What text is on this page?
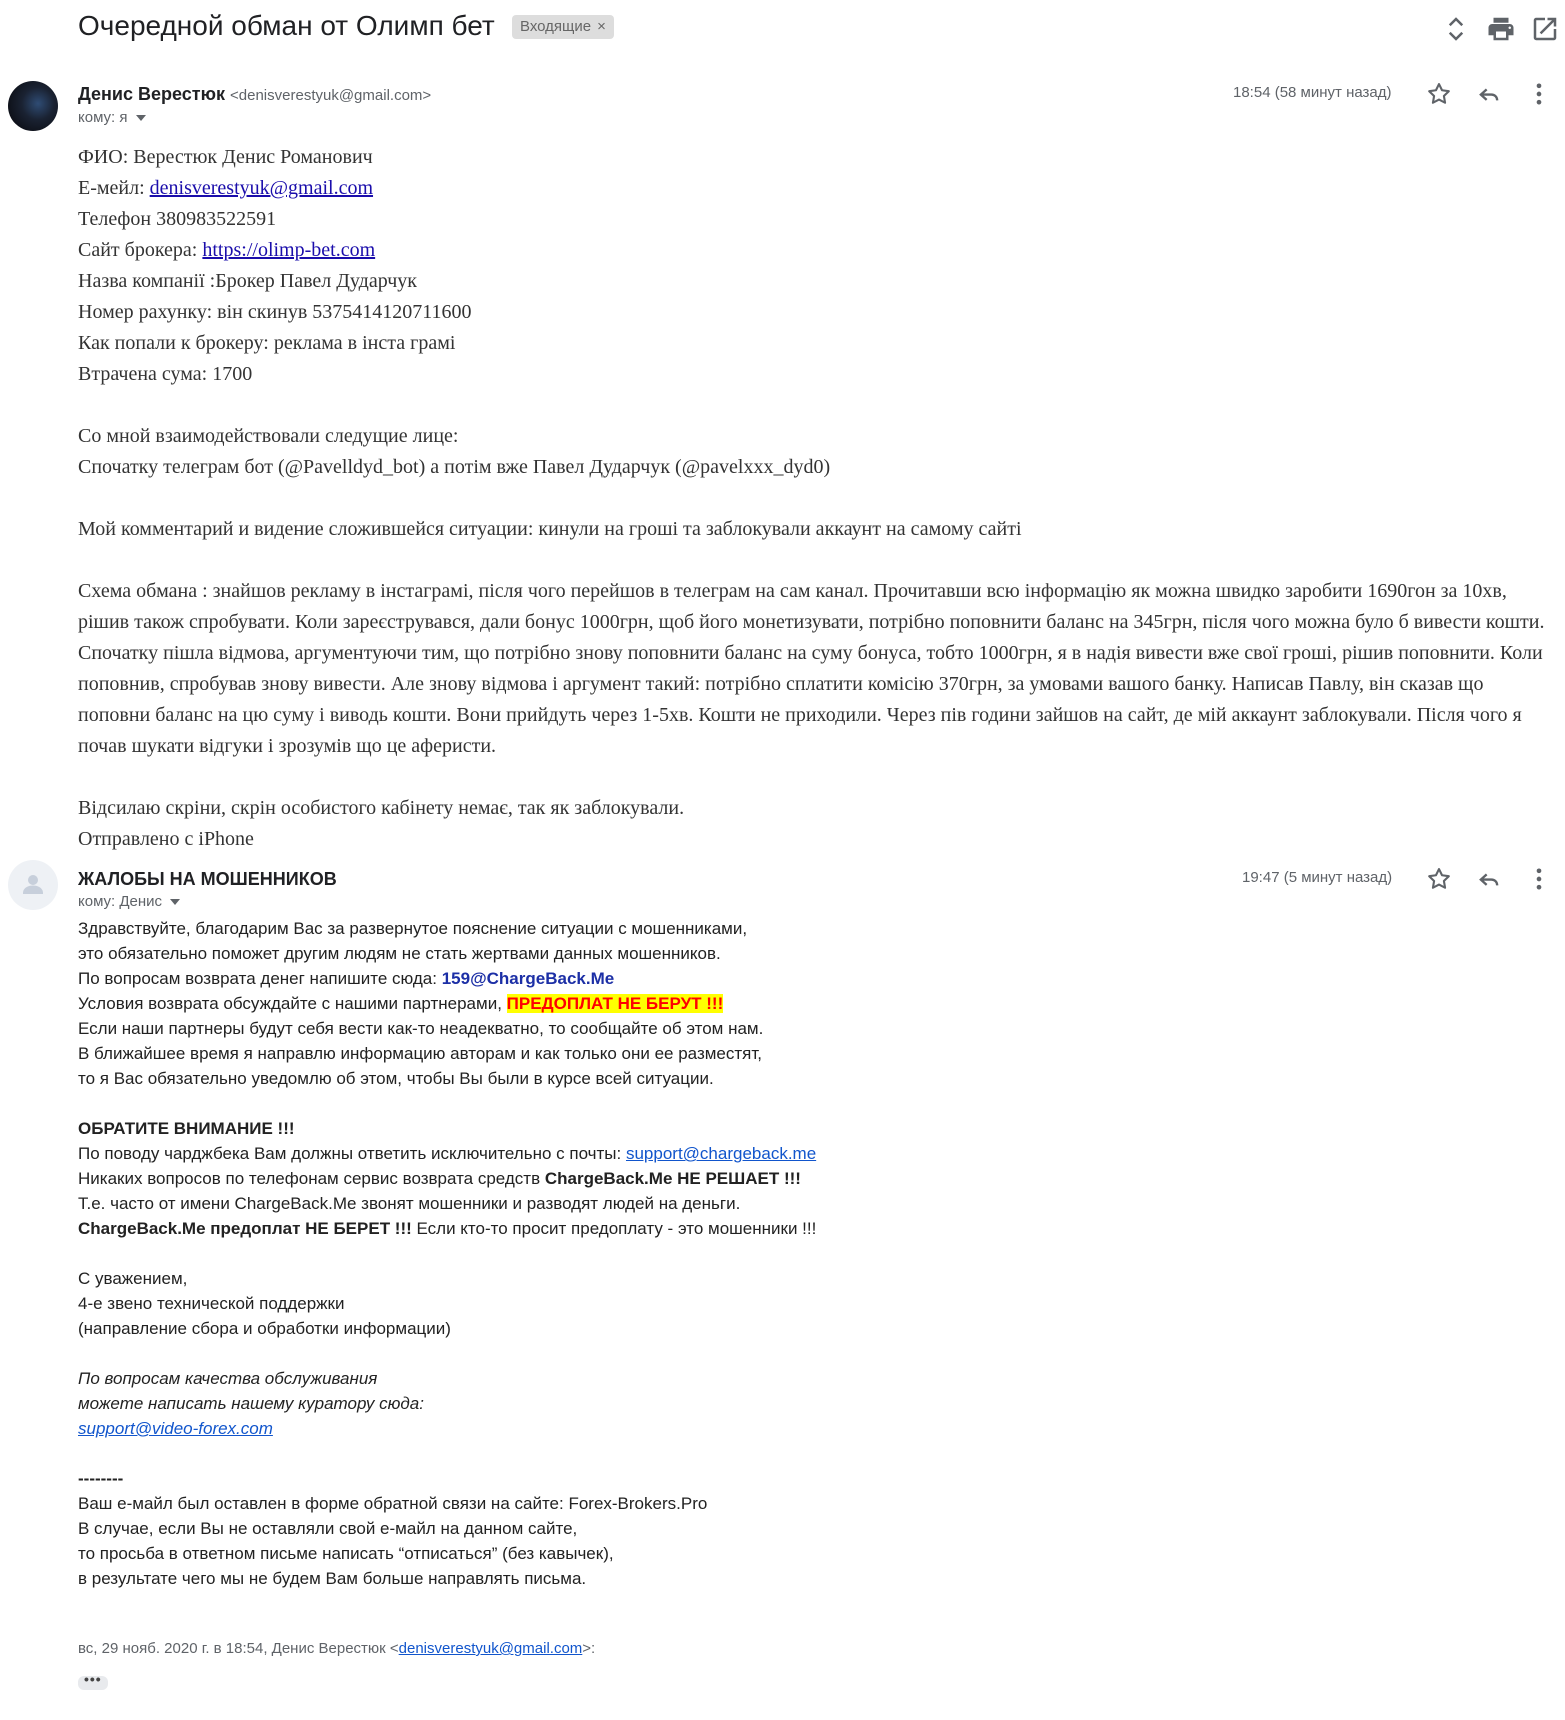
Очередной обман от Олимп бет	Входящие ×
Денис Верестюк <denisverestyuk@gmail.com>
кому: я
18:54 (58 минут назад)

ФИО: Верестюк Денис Романович

Е-мейл: denisverestyuk@gmail.com

Телефон 380983522591

Сайт брокера: https://olimp-bet.com

Назва компанії :Брокер Павел Дударчук

Номер рахунку: він скинув 5375414120711600

Как попали к брокеру: реклама в інста грамі

Втрачена сума: 1700

Со мной взаимодействовали следущие лице:

Спочатку телеграм бот (@Pavelldyd_bot) а потім вже Павел Дударчук (@pavelxxx_dyd0)

Мой комментарий и видение сложившейся ситуации: кинули на гроші та заблокували аккаунт на самому сайті

Схема обмана : знайшов рекламу в інстаграмі, після чого перейшов в телеграм на сам канал. Прочитавши всю інформацію як можна швидко заробити 1690гон за 10хв, рішив також спробувати. Коли зареєструвався, дали бонус 1000грн, щоб його монетизувати, потрібно поповнити баланс на 345грн, після чого можна було б вивести кошти. Спочатку пішла відмова, аргументуючи тим, що потрібно знову поповнити баланс на суму бонуса, тобто 1000грн, я в надія вивести вже свої гроші, рішив поповнити. Коли поповнив, спробував знову вивести. Але знову відмова і аргумент такий: потрібно сплатити комісію 370грн, за умовами вашого банку. Написав Павлу, він сказав що поповни баланс на цю суму і виводь кошти. Вони прийдуть через 1-5хв. Кошти не приходили. Через пів години зайшов на сайт, де мій аккаунт заблокували. Після чого я почав шукати відгуки і зрозумів що це аферисти.

Відсилаю скріни, скрін особистого кабінету немає, так як заблокували.

Отправлено с iPhone

ЖАЛОБЫ НА МОШЕННИКОВ
кому: Денис
19:47 (5 минут назад)

Здравствуйте, благодарим Вас за развернутое пояснение ситуации с мошенниками,

это обязательно поможет другим людям не стать жертвами данных мошенников.

По вопросам возврата денег напишите сюда: 159@ChargeBack.Me

Условия возврата обсуждайте с нашими партнерами, ПРЕДОПЛАТ НЕ БЕРУТ !!!

Если наши партнеры будут себя вести как-то неадекватно, то сообщайте об этом нам.

В ближайшее время я направлю информацию авторам и как только они ее разместят,

то я Вас обязательно уведомлю об этом, чтобы Вы были в курсе всей ситуации.

ОБРАТИТЕ ВНИМАНИЕ !!!

По поводу чарджбека Вам должны ответить исключительно с почты: support@chargeback.me

Никаких вопросов по телефонам сервис возврата средств ChargeBack.Me НЕ РЕШАЕТ !!!

Т.е. часто от имени ChargeBack.Me звонят мошенники и разводят людей на деньги.

ChargeBack.Me предоплат НЕ БЕРЕТ !!! Если кто-то просит предоплату - это мошенники !!!

С уважением,

4-е звено технической поддержки

(направление сбора и обработки информации)

По вопросам качества обслуживания

можете написать нашему куратору сюда:

support@video-forex.com

--------

Ваш е-майл был оставлен в форме обратной связи на сайте: Forex-Brokers.Pro

В случае, если Вы не оставляли свой е-майл на данном сайте,

то просьба в ответном письме написать “отписаться” (без кавычек),

в результате чего мы не будем Вам больше направлять письма.

вс, 29 нояб. 2020 г. в 18:54, Денис Верестюк <denisverestyuk@gmail.com>:
•••
